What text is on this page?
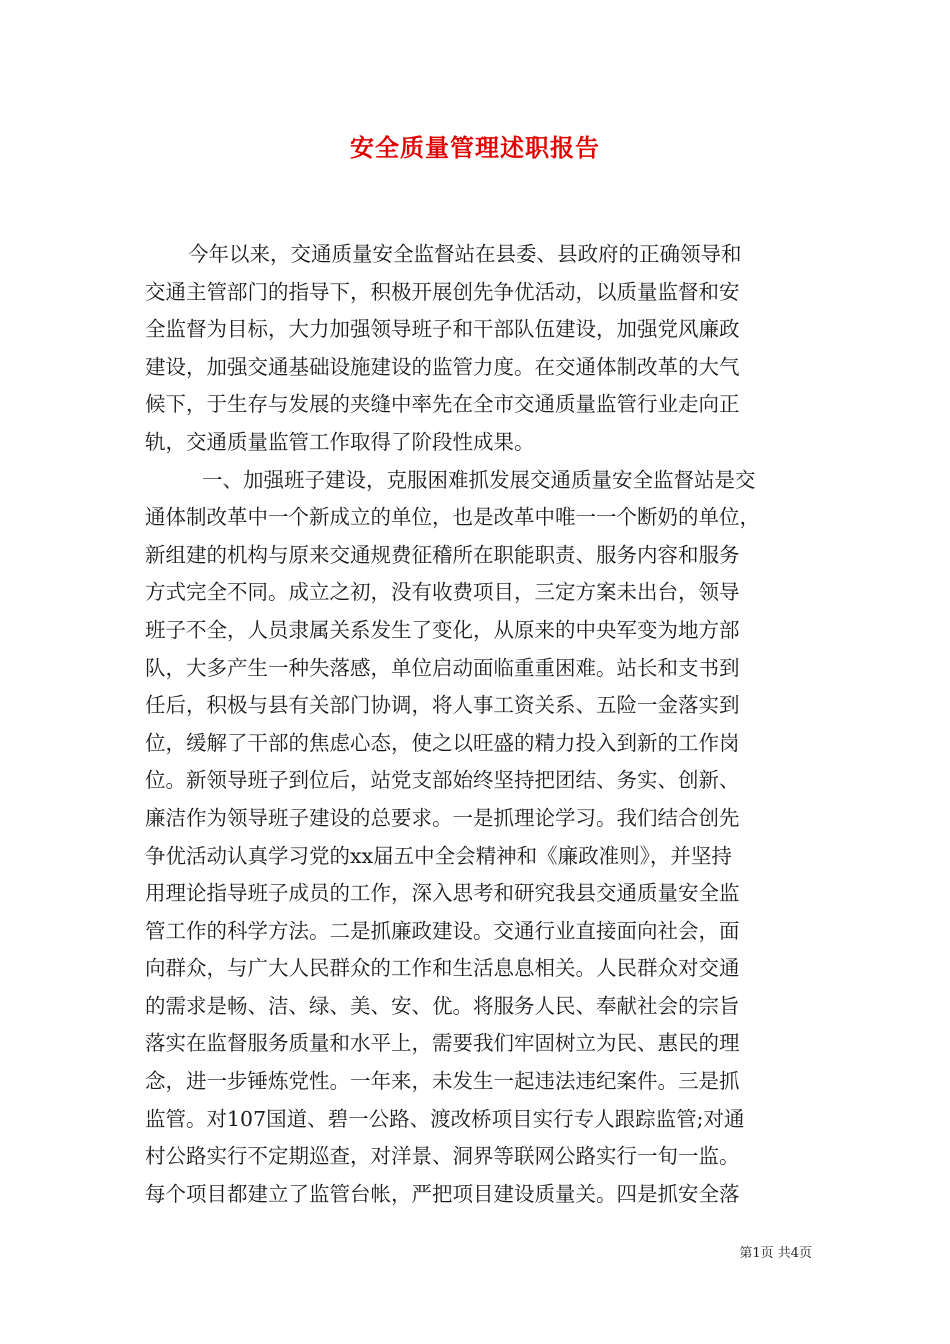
安全质量管理述职报告
今年以来，交通质量安全监督站在县委、县政府的正确领导和
交通主管部门的指导下，积极开展创先争优活动，以质量监督和安
全监督为目标，大力加强领导班子和干部队伍建设，加强党风廉政
建设，加强交通基础设施建设的监管力度。在交通体制改革的大气
候下，于生存与发展的夹缝中率先在全市交通质量监管行业走向正
轨，交通质量监管工作取得了阶段性成果。
一、加强班子建设，克服困难抓发展交通质量安全监督站是交
通体制改革中一个新成立的单位，也是改革中唯一一个断奶的单位，
新组建的机构与原来交通规费征稽所在职能职责、服务内容和服务
方式完全不同。成立之初，没有收费项目，三定方案未出台，领导
班子不全，人员隶属关系发生了变化，从原来的中央军变为地方部
队，大多产生一种失落感，单位启动面临重重困难。站长和支书到
任后，积极与县有关部门协调，将人事工资关系、五险一金落实到
位，缓解了干部的焦虑心态，使之以旺盛的精力投入到新的工作岗
位。新领导班子到位后，站党支部始终坚持把团结、务实、创新、
廉洁作为领导班子建设的总要求。一是抓理论学习。我们结合创先
争优活动认真学习党的xx届五中全会精神和《廉政准则》，并坚持
用理论指导班子成员的工作，深入思考和研究我县交通质量安全监
管工作的科学方法。二是抓廉政建设。交通行业直接面向社会，面
向群众，与广大人民群众的工作和生活息息相关。人民群众对交通
的需求是畅、洁、绿、美、安、优。将服务人民、奉献社会的宗旨
落实在监督服务质量和水平上，需要我们牢固树立为民、惠民的理
念，进一步锤炼党性。一年来，未发生一起违法违纪案件。三是抓
监管。对107国道、碧一公路、渡改桥项目实行专人跟踪监管;对通
村公路实行不定期巡查，对洋景、洞界等联网公路实行一旬一监。
每个项目都建立了监管台帐，严把项目建设质量关。四是抓安全落
第1页 共4页
